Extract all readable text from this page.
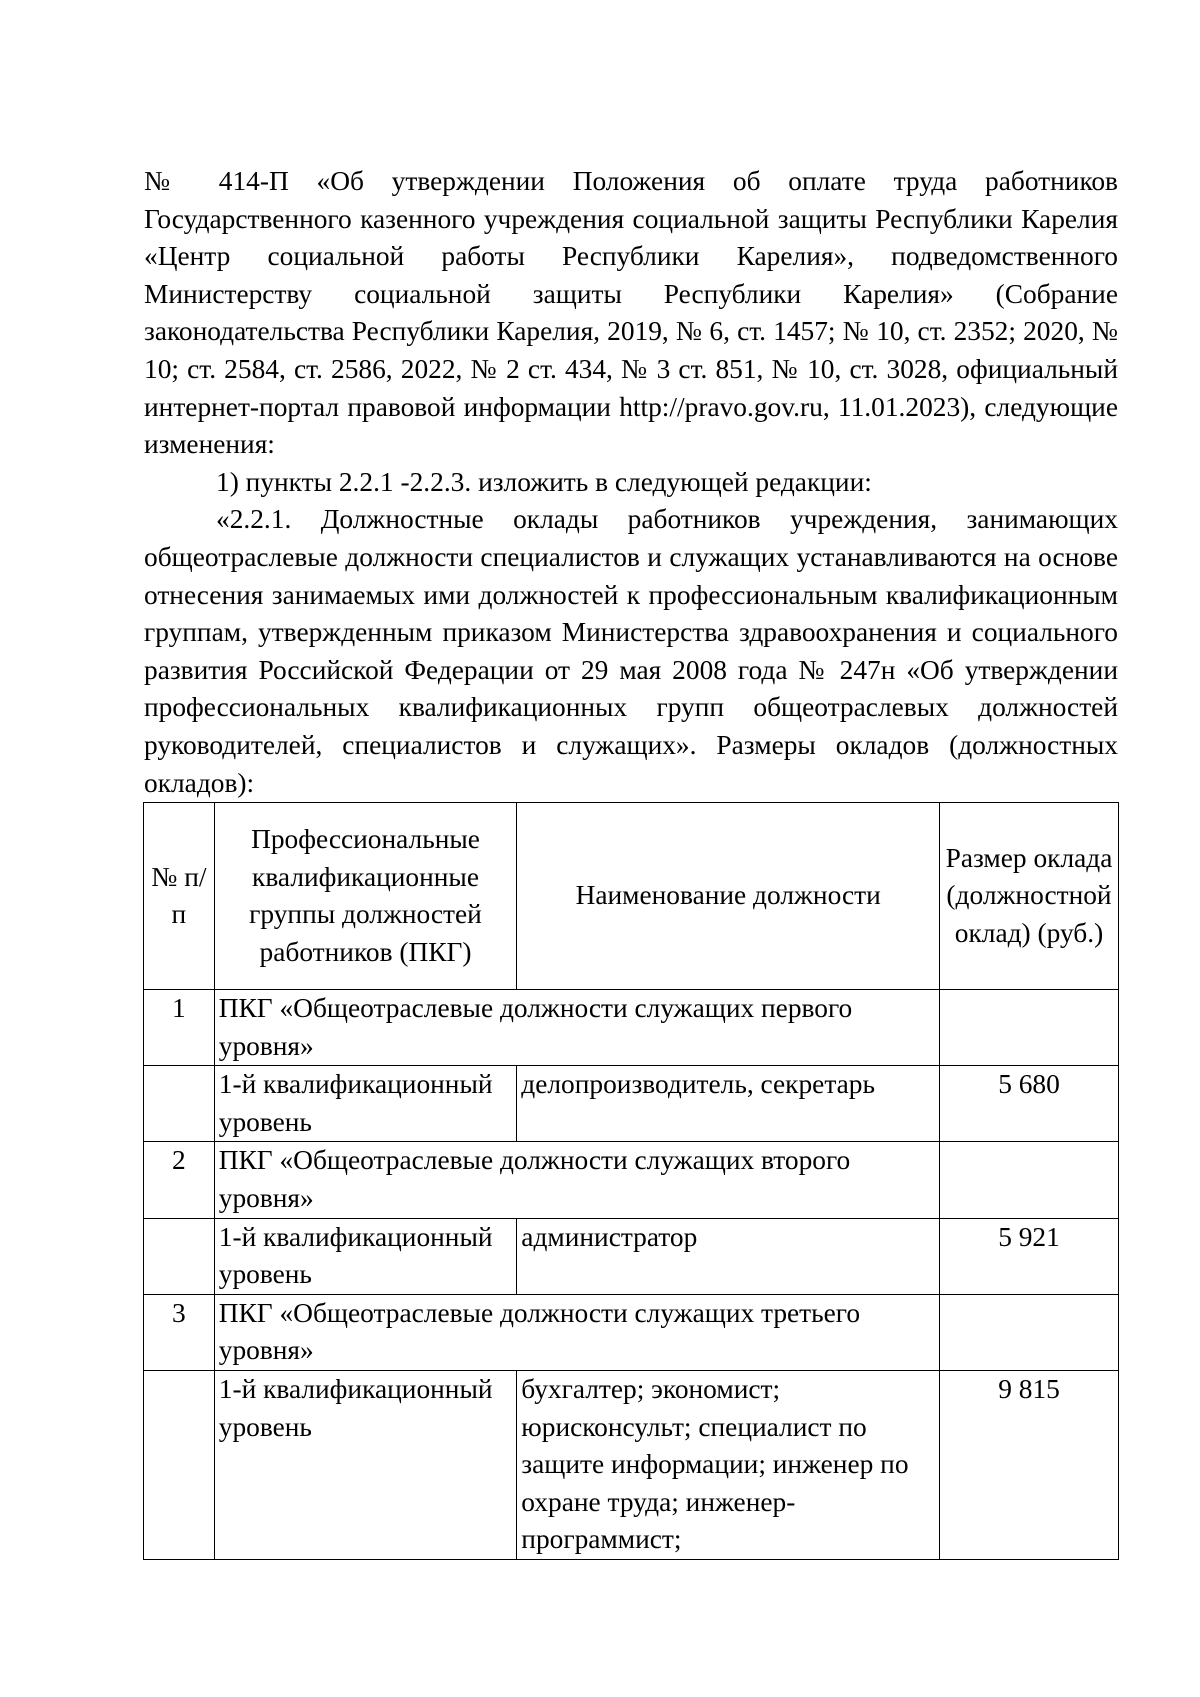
№ 414-П «Об утверждении Положения об оплате труда работников Государственного казенного учреждения социальной защиты Республики Карелия «Центр социальной работы Республики Карелия», подведомственного Министерству социальной защиты Республики Карелия» (Собрание законодательства Республики Карелия, 2019, № 6, ст. 1457; № 10, ст. 2352; 2020, № 10; ст. 2584, ст. 2586, 2022, № 2 ст. 434, № 3 ст. 851, № 10, ст. 3028, официальный интернет-портал правовой информации http://pravo.gov.ru, 11.01.2023), следующие изменения:

1) пункты 2.2.1 -2.2.3. изложить в следующей редакции:

«2.2.1. Должностные оклады работников учреждения, занимающих общеотраслевые должности специалистов и служащих устанавливаются на основе отнесения занимаемых ими должностей к профессиональным квалификационным группам, утвержденным приказом Министерства здравоохранения и социального развития Российской Федерации от 29 мая 2008 года № 247н «Об утверждении профессиональных квалификационных групп общеотраслевых должностей руководителей, специалистов и служащих». Размеры окладов (должностных окладов):

№ п/п	Профессиональные квалификационные группы должностей работников (ПКГ)	Наименование должности	Размер оклада (должностной оклад) (руб.)
1	ПКГ «Общеотраслевые должности служащих первого уровня»		
	1-й квалификационный уровень	делопроизводитель, секретарь	5 680
2	ПКГ «Общеотраслевые должности служащих второго уровня»		
	1-й квалификационный уровень	администратор	5 921
3	ПКГ «Общеотраслевые должности служащих третьего уровня»		
	1-й квалификационный уровень	бухгалтер; экономист; юрисконсульт; специалист по защите информации; инженер по охране труда; инженер-программист;	9 815
